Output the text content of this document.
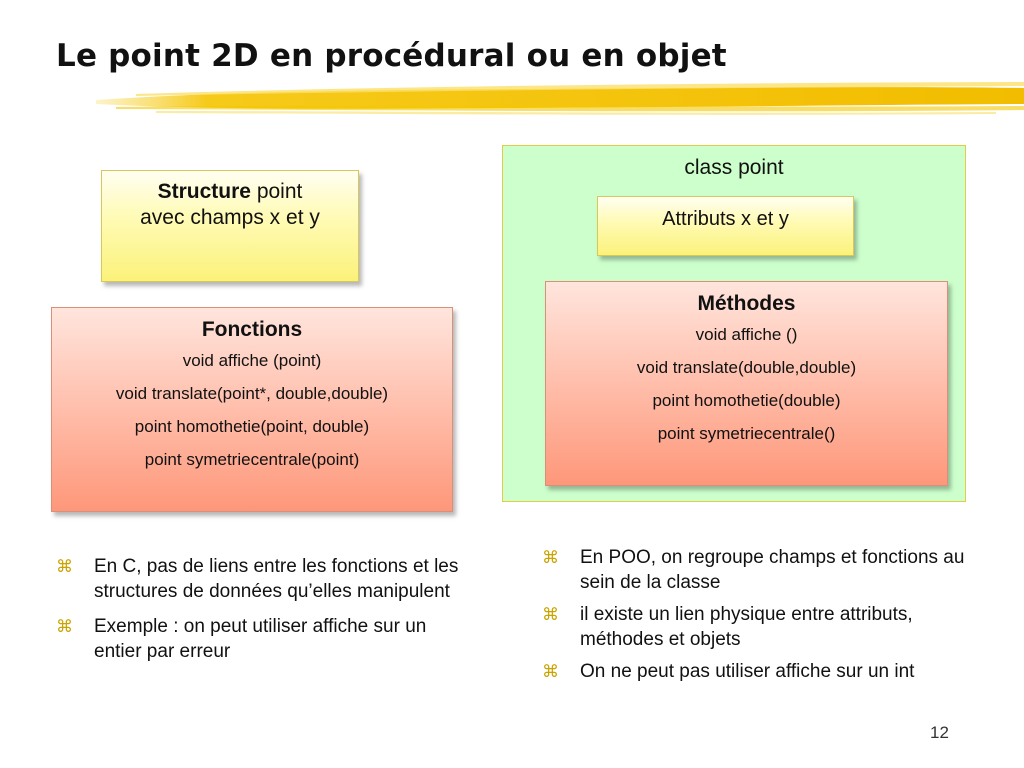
Le point 2D en procédural ou en objet
Structure point
avec champs x et y
Fonctions
void affiche (point)
void translate(point*, double,double)
point homothetie(point, double)
point symetriecentrale(point)
⌘ En C, pas de liens entre les fonctions et les structures de données qu’elles manipulent
⌘ Exemple : on peut utiliser affiche sur un entier par erreur
class point
Attributs x et y
Méthodes
void affiche ()
void translate(double,double)
point homothetie(double)
point symetriecentrale()
⌘ En POO, on regroupe champs et fonctions au sein de la classe
⌘ il existe un lien physique entre attributs, méthodes et objets
⌘ On ne peut pas utiliser affiche sur un int
12
